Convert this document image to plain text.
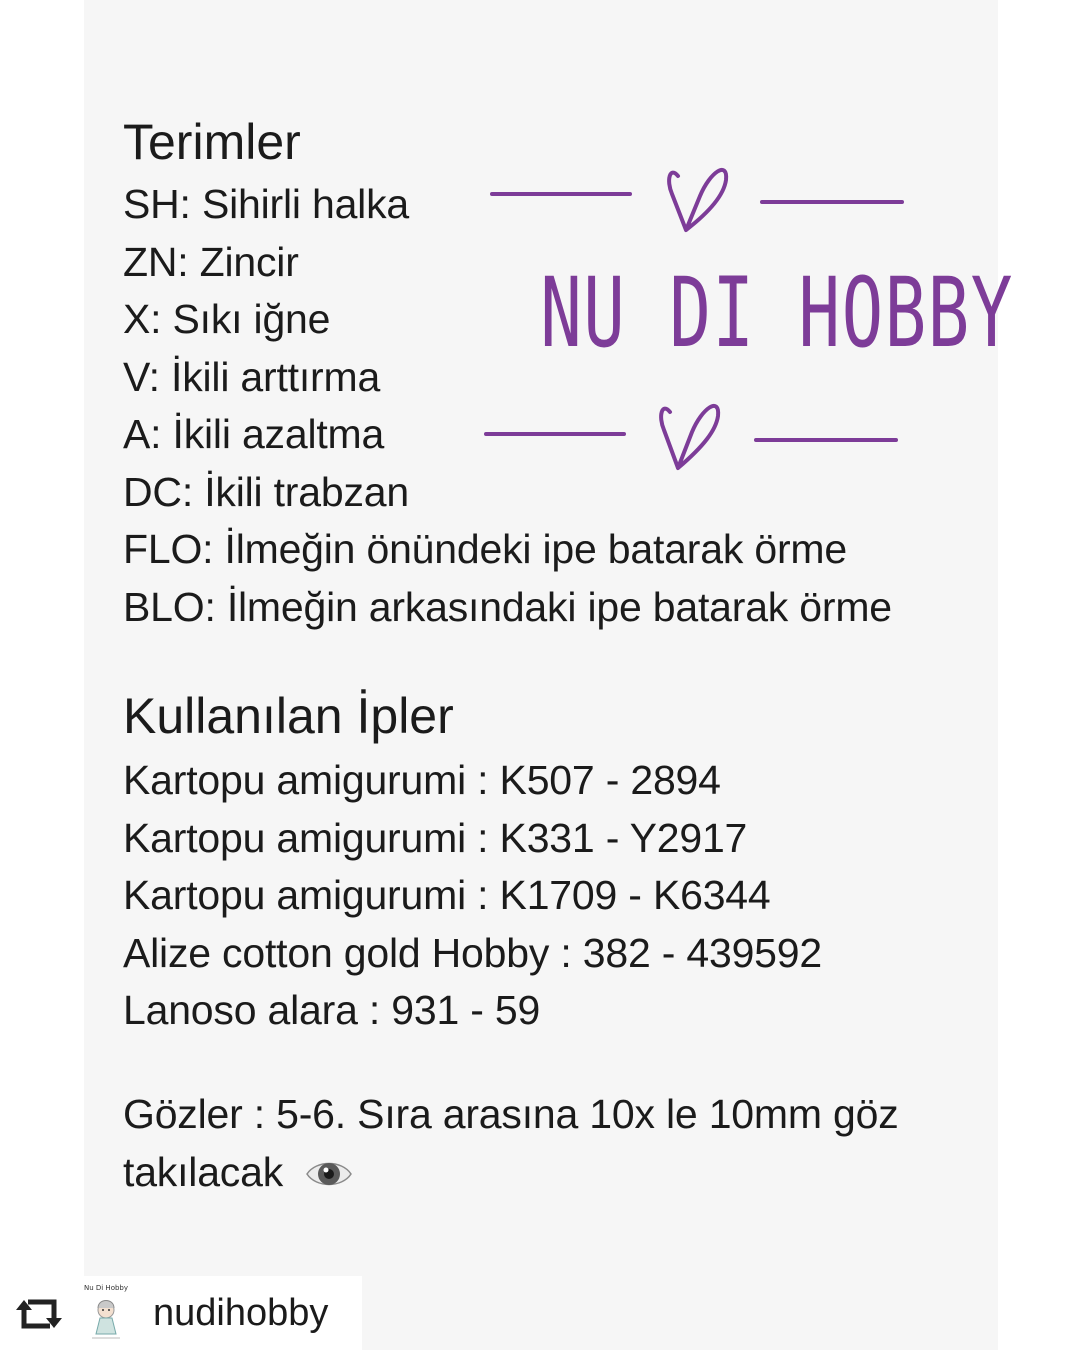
Terimler
SH: Sihirli halka
ZN: Zincir
X: Sıkı iğne
V: İkili arttırma
A: İkili azaltma
DC: İkili trabzan
FLO: İlmeğin önündeki ipe batarak örme
BLO: İlmeğin arkasındaki ipe batarak örme
NU DI HOBBY
Kullanılan İpler
Kartopu amigurumi : K507 - 2894
Kartopu amigurumi : K331 - Y2917
Kartopu amigurumi : K1709 - K6344
Alize cotton gold Hobby : 382 - 439592
Lanoso alara : 931 - 59
Gözler : 5-6. Sıra arasına 10x le 10mm göz
takılacak
Nu Di Hobby
nudihobby
